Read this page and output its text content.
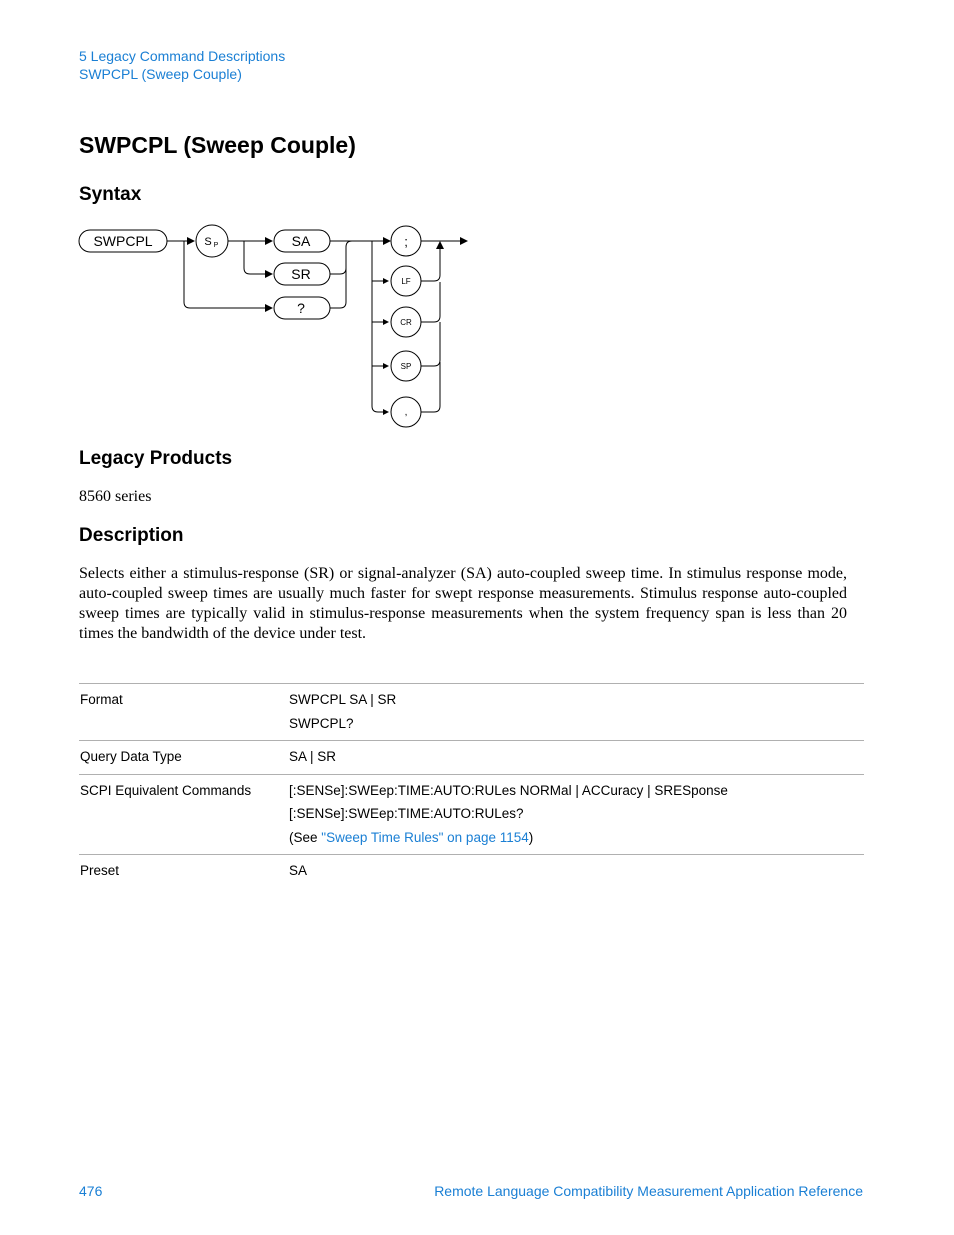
5 Legacy Command Descriptions
SWPCPL (Sweep Couple)
SWPCPL (Sweep Couple)
Syntax
SWPCPL	S P	SA
SR
?
;
LF
CR
SP
,
Legacy Products
8560 series
Description
Selects either a stimulus-response (SR) or signal-analyzer (SA) auto-coupled sweep time. In stimulus response mode, auto-coupled sweep times are usually much faster for swept response measurements. Stimulus response auto-coupled sweep times are typically valid in stimulus-response measurements when the system frequency span is less than 20 times the bandwidth of the device under test.
Format	SWPCPL SA | SR
SWPCPL?

Query Data Type	SA | SR

SCPI Equivalent Commands	[:SENSe]:SWEep:TIME:AUTO:RULes NORMal | ACCuracy | SRESponse
[:SENSe]:SWEep:TIME:AUTO:RULes?
(See "Sweep Time Rules" on page 1154)

Preset	SA
476	Remote Language Compatibility Measurement Application Reference
